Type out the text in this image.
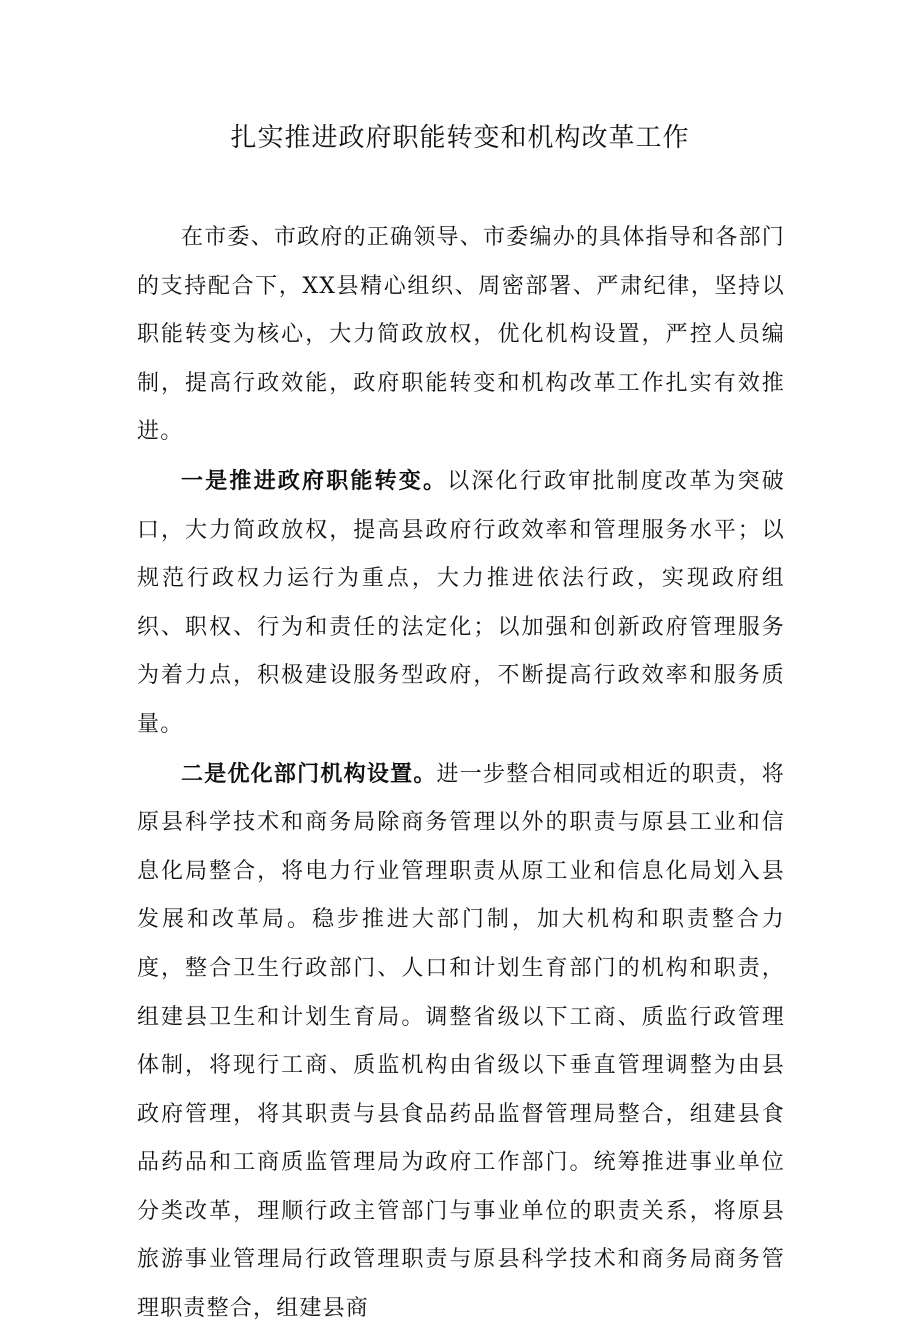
扎实推进政府职能转变和机构改革工作

在市委、市政府的正确领导、市委编办的具体指导和各部门的支持配合下，XX县精心组织、周密部署、严肃纪律，坚持以职能转变为核心，大力简政放权，优化机构设置，严控人员编制，提高行政效能，政府职能转变和机构改革工作扎实有效推进。

一是推进政府职能转变。以深化行政审批制度改革为突破口，大力简政放权，提高县政府行政效率和管理服务水平；以规范行政权力运行为重点，大力推进依法行政，实现政府组织、职权、行为和责任的法定化；以加强和创新政府管理服务为着力点，积极建设服务型政府，不断提高行政效率和服务质量。

二是优化部门机构设置。进一步整合相同或相近的职责，将原县科学技术和商务局除商务管理以外的职责与原县工业和信息化局整合，将电力行业管理职责从原工业和信息化局划入县发展和改革局。稳步推进大部门制，加大机构和职责整合力度，整合卫生行政部门、人口和计划生育部门的机构和职责，组建县卫生和计划生育局。调整省级以下工商、质监行政管理体制，将现行工商、质监机构由省级以下垂直管理调整为由县政府管理，将其职责与县食品药品监督管理局整合，组建县食品药品和工商质监管理局为政府工作部门。统筹推进事业单位分类改革，理顺行政主管部门与事业单位的职责关系，将原县旅游事业管理局行政管理职责与原县科学技术和商务局商务管理职责整合，组建县商
